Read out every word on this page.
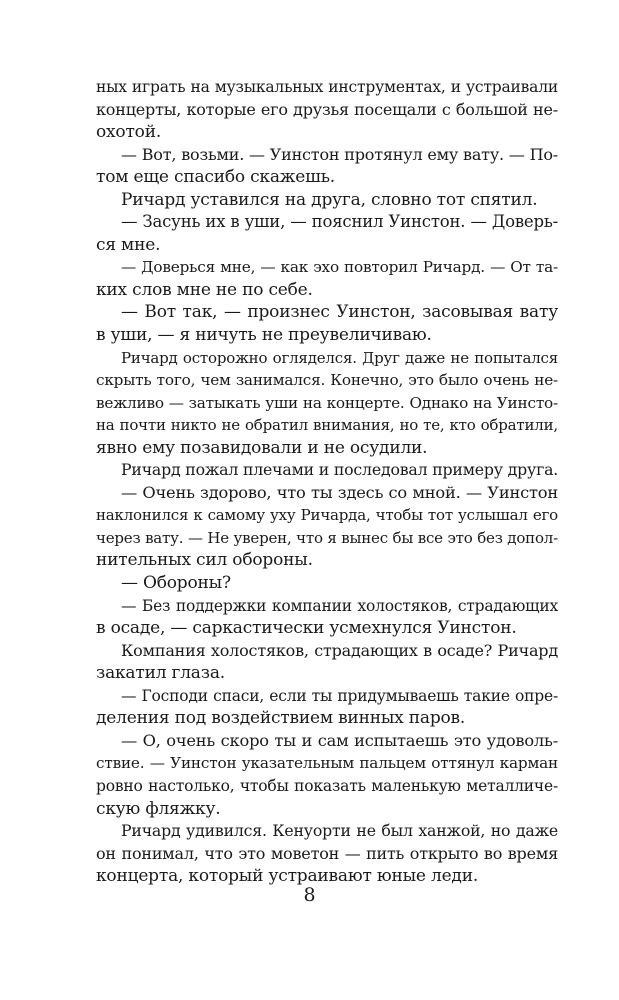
ных играть на музыкальных инструментах, и устраивали
концерты, которые его друзья посещали с большой не-
охотой.
— Вот, возьми. — Уинстон протянул ему вату. — По-
том еще спасибо скажешь.
Ричард уставился на друга, словно тот спятил.
— Засунь их в уши, — пояснил Уинстон. — Доверь-
ся мне.
— Доверься мне, — как эхо повторил Ричард. — От та-
ких слов мне не по себе.
— Вот так, — произнес Уинстон, засовывая вату
в уши, — я ничуть не преувеличиваю.
Ричард осторожно огляделся. Друг даже не попытался
скрыть того, чем занимался. Конечно, это было очень не-
вежливо — затыкать уши на концерте. Однако на Уинсто-
на почти никто не обратил внимания, но те, кто обратили,
явно ему позавидовали и не осудили.
Ричард пожал плечами и последовал примеру друга.
— Очень здорово, что ты здесь со мной. — Уинстон
наклонился к самому уху Ричарда, чтобы тот услышал его
через вату. — Не уверен, что я вынес бы все это без допол-
нительных сил обороны.
— Обороны?
— Без поддержки компании холостяков, страдающих
в осаде, — саркастически усмехнулся Уинстон.
Компания холостяков, страдающих в осаде? Ричард
закатил глаза.
— Господи спаси, если ты придумываешь такие опре-
деления под воздействием винных паров.
— О, очень скоро ты и сам испытаешь это удоволь-
ствие. — Уинстон указательным пальцем оттянул карман
ровно настолько, чтобы показать маленькую металличе-
скую фляжку.
Ричард удивился. Кенуорти не был ханжой, но даже
он понимал, что это моветон — пить открыто во время
концерта, который устраивают юные леди.
8
